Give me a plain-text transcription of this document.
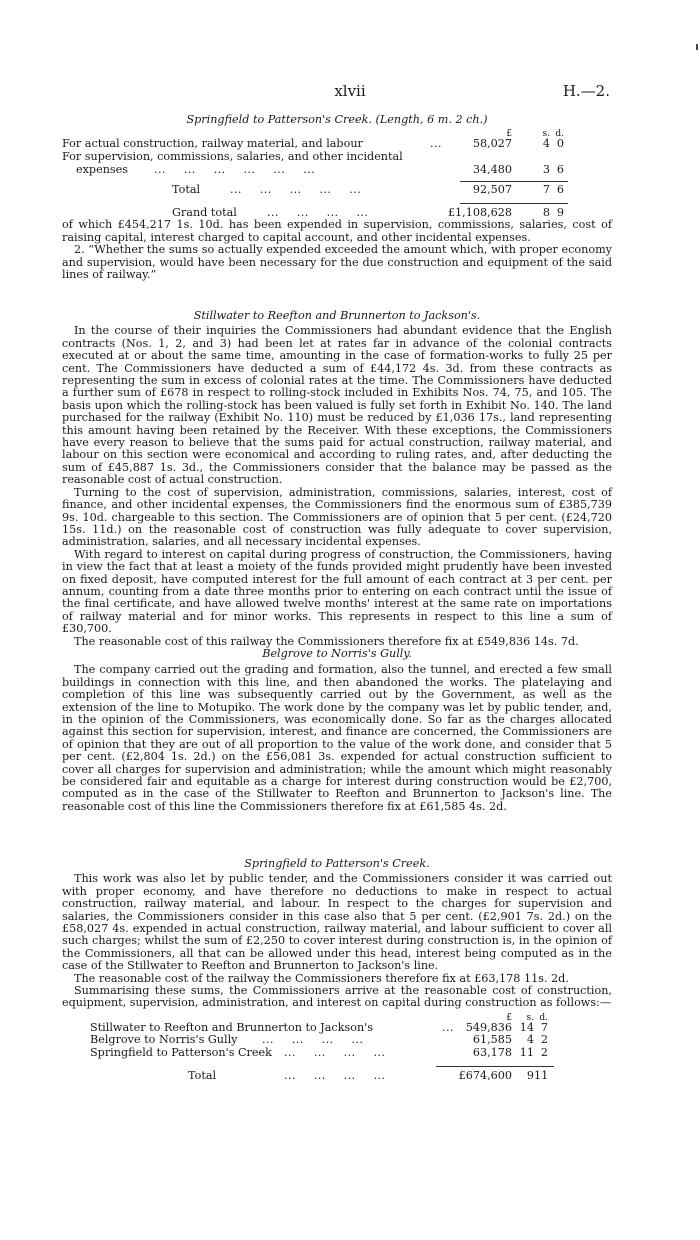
xlvii	H.—2.
Springfield to Patterson's Creek. (Length, 6 m. 2 ch.)
£	s. d.
For actual construction, railway material, and labour	...	58,027	4 0
For supervision, commissions, salaries, and other incidental
expenses ... ... ... ... ... ...	34,480	3 6
Total	... ... ... ... ...	92,507	7 6
Grand total	... ... ... ...	£1,108,628	8 9

of which £454,217 1s. 10d. has been expended in supervision, commissions, salaries, cost of raising capital, interest charged to capital account, and other incidental expenses.

2. “Whether the sums so actually expended exceeded the amount which, with proper economy and supervision, would have been necessary for the due construction and equipment of the said lines of railway.”

Stillwater to Reefton and Brunnerton to Jackson's.

In the course of their inquiries the Commissioners had abundant evidence that the English contracts (Nos. 1, 2, and 3) had been let at rates far in advance of the colonial contracts executed at or about the same time, amounting in the case of formation-works to fully 25 per cent. The Commissioners have deducted a sum of £44,172 4s. 3d. from these contracts as representing the sum in excess of colonial rates at the time. The Commissioners have deducted a further sum of £678 in respect to rolling-stock included in Exhibits Nos. 74, 75, and 105. The basis upon which the rolling-stock has been valued is fully set forth in Exhibit No. 140. The land purchased for the railway (Exhibit No. 110) must be reduced by £1,036 17s., land representing this amount having been retained by the Receiver. With these exceptions, the Commissioners have every reason to believe that the sums paid for actual construction, railway material, and labour on this section were economical and according to ruling rates, and, after deducting the sum of £45,887 1s. 3d., the Commissioners consider that the balance may be passed as the reasonable cost of actual construction.

Turning to the cost of supervision, administration, commissions, salaries, interest, cost of finance, and other incidental expenses, the Commissioners find the enormous sum of £385,739 9s. 10d. chargeable to this section. The Commissioners are of opinion that 5 per cent. (£24,720 15s. 11d.) on the reasonable cost of construction was fully adequate to cover supervision, administration, salaries, and all necessary incidental expenses.

With regard to interest on capital during progress of construction, the Commissioners, having in view the fact that at least a moiety of the funds provided might prudently have been invested on fixed deposit, have computed interest for the full amount of each contract at 3 per cent. per annum, counting from a date three months prior to entering on each contract until the issue of the final certificate, and have allowed twelve months' interest at the same rate on importations of railway material and for minor works. This represents in respect to this line a sum of £30,700.

The reasonable cost of this railway the Commissioners therefore fix at £549,836 14s. 7d.

Belgrove to Norris's Gully.

The company carried out the grading and formation, also the tunnel, and erected a few small buildings in connection with this line, and then abandoned the works. The platelaying and completion of this line was subsequently carried out by the Government, as well as the extension of the line to Motupiko. The work done by the company was let by public tender, and, in the opinion of the Commissioners, was economically done. So far as the charges allocated against this section for supervision, interest, and finance are concerned, the Commissioners are of opinion that they are out of all proportion to the value of the work done, and consider that 5 per cent. (£2,804 1s. 2d.) on the £56,081 3s. expended for actual construction sufficient to cover all charges for supervision and administration; while the amount which might reasonably be considered fair and equitable as a charge for interest during construction would be £2,700, computed as in the case of the Stillwater to Reefton and Brunnerton to Jackson's line. The reasonable cost of this line the Commissioners therefore fix at £61,585 4s. 2d.

Springfield to Patterson's Creek.

This work was also let by public tender, and the Commissioners consider it was carried out with proper economy, and have therefore no deductions to make in respect to actual construction, railway material, and labour. In respect to the charges for supervision and salaries, the Commissioners consider in this case also that 5 per cent. (£2,901 7s. 2d.) on the £58,027 4s. expended in actual construction, railway material, and labour sufficient to cover all such charges; whilst the sum of £2,250 to cover interest during construction is, in the opinion of the Commissioners, all that can be allowed under this head, interest being computed as in the case of the Stillwater to Reefton and Brunnerton to Jackson's line.

The reasonable cost of the railway the Commissioners therefore fix at £63,178 11s. 2d.

Summarising these sums, the Commissioners arrive at the reasonable cost of construction, equipment, supervision, administration, and interest on capital during construction as follows:—

£	s. d.
Stillwater to Reefton and Brunnerton to Jackson's	...	549,836 14 7
Belgrove to Norris's Gully ... ... ... ...	61,585	4 2
Springfield to Patterson's Creek ... ... ... ...	63,178 11 2
Total	... ... ... ...	£674,600	9 11
